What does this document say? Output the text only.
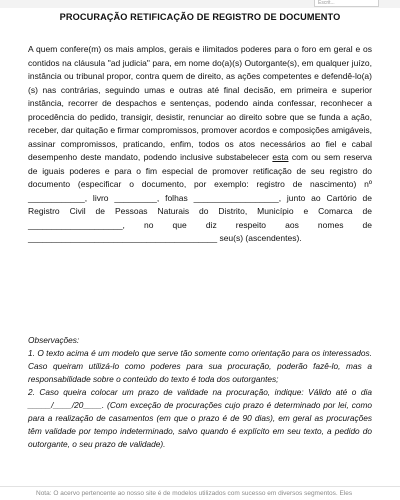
Escrit...
PROCURAÇÃO RETIFICAÇÃO DE REGISTRO DE DOCUMENTO

A quem confere(m) os mais amplos, gerais e ilimitados poderes para o foro em geral e os contidos na cláusula "ad judicia" para, em nome do(a)(s) Outorgante(s), em qualquer juízo, instância ou tribunal propor, contra quem de direito, as ações competentes e defendê-lo(a)(s) nas contrárias, seguindo umas e outras até final decisão, em primeira e superior instância, recorrer de despachos e sentenças, podendo ainda confessar, reconhecer a procedência do pedido, transigir, desistir, renunciar ao direito sobre que se funda a ação, receber, dar quitação e firmar compromissos, promover acordos e composições amigáveis, assinar compromissos, praticando, enfim, todos os atos necessários ao fiel e cabal desempenho deste mandato, podendo inclusive substabelecer esta com ou sem reserva de iguais poderes e para o fim especial de promover retificação de seu registro do documento (especificar o documento, por exemplo: registro de nascimento) nº ____________, livro _________, folhas __________________, junto ao Cartório de Registro Civil de Pessoas Naturais do Distrito, Município e Comarca de ____________________, no que diz respeito aos nomes de ________________________________________ seu(s) (ascendentes).

Observações:

1. O texto acima é um modelo que serve tão somente como orientação para os interessados. Caso queiram utilizá-lo como poderes para sua procuração, poderão fazê-lo, mas a responsabilidade sobre o conteúdo do texto é toda dos outorgantes;

2. Caso queira colocar um prazo de validade na procuração, indique: Válido até o dia _____/____/20____. (Com exceção de procurações cujo prazo é determinado por lei, como para a realização de casamentos (em que o prazo é de 90 dias), em geral as procurações têm validade por tempo indeterminado, salvo quando é explícito em seu texto, a pedido do outorgante, o seu prazo de validade).

Nota: O acervo pertencente ao nosso site é de modelos utilizados com sucesso em diversos segmentos. Eles
